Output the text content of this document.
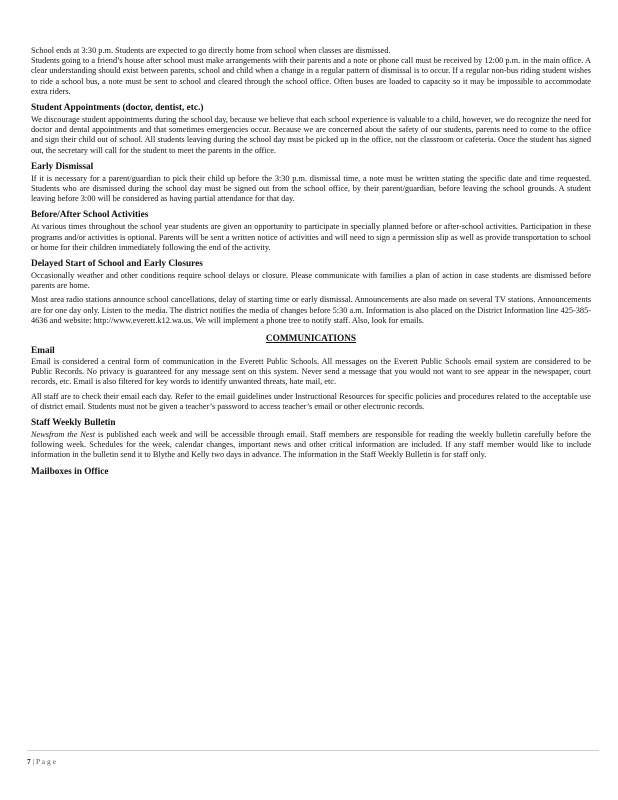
School ends at 3:30 p.m. Students are expected to go directly home from school when classes are dismissed.

Students going to a friend’s house after school must make arrangements with their parents and a note or phone call must be received by 12:00 p.m. in the main office. A clear understanding should exist between parents, school and child when a change in a regular pattern of dismissal is to occur. If a regular non-bus riding student wishes to ride a school bus, a note must be sent to school and cleared through the school office. Often buses are loaded to capacity so it may be impossible to accommodate extra riders.

Student Appointments (doctor, dentist, etc.)

We discourage student appointments during the school day, because we believe that each school experience is valuable to a child, however, we do recognize the need for doctor and dental appointments and that sometimes emergencies occur. Because we are concerned about the safety of our students, parents need to come to the office and sign their child out of school. All students leaving during the school day must be picked up in the office, not the classroom or cafeteria. Once the student has signed out, the secretary will call for the student to meet the parents in the office.

Early Dismissal

If it is necessary for a parent/guardian to pick their child up before the 3:30 p.m. dismissal time, a note must be written stating the specific date and time requested. Students who are dismissed during the school day must be signed out from the school office, by their parent/guardian, before leaving the school grounds. A student leaving before 3:00 will be considered as having partial attendance for that day.

Before/After School Activities

At various times throughout the school year students are given an opportunity to participate in specially planned before or after-school activities. Participation in these programs and/or activities is optional. Parents will be sent a written notice of activities and will need to sign a permission slip as well as provide transportation to school or home for their children immediately following the end of the activity.

Delayed Start of School and Early Closures

Occasionally weather and other conditions require school delays or closure. Please communicate with families a plan of action in case students are dismissed before parents are home.

Most area radio stations announce school cancellations, delay of starting time or early dismissal. Announcements are also made on several TV stations. Announcements are for one day only. Listen to the media. The district notifies the media of changes before 5:30 a.m. Information is also placed on the District Information line 425-385-4636 and website: http://www.everett.k12.wa.us. We will implement a phone tree to notify staff. Also, look for emails.

COMMUNICATIONS
Email

Email is considered a central form of communication in the Everett Public Schools. All messages on the Everett Public Schools email system are considered to be Public Records. No privacy is guaranteed for any message sent on this system. Never send a message that you would not want to see appear in the newspaper, court records, etc. Email is also filtered for key words to identify unwanted threats, hate mail, etc.

All staff are to check their email each day. Refer to the email guidelines under Instructional Resources for specific policies and procedures related to the acceptable use of district email. Students must not be given a teacher’s password to access teacher’s email or other electronic records.

Staff Weekly Bulletin

Newsfrom the Nest is published each week and will be accessible through email. Staff members are responsible for reading the weekly bulletin carefully before the following week. Schedules for the week, calendar changes, important news and other critical information are included. If any staff member would like to include information in the bulletin send it to Blythe and Kelly two days in advance. The information in the Staff Weekly Bulletin is for staff only.

Mailboxes in Office
7 | P a g e
